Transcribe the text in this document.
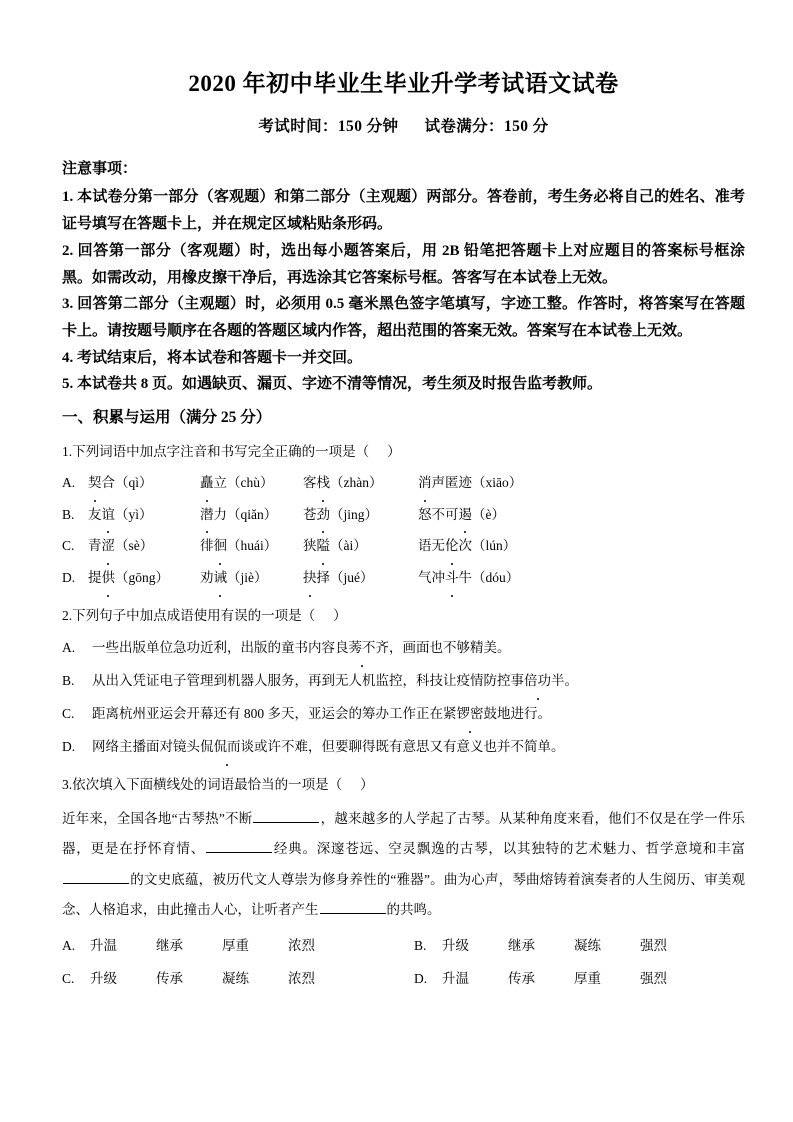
2020 年初中毕业生毕业升学考试语文试卷
考试时间：150 分钟 试卷满分：150 分
注意事项：

1. 本试卷分第一部分（客观题）和第二部分（主观题）两部分。答卷前，考生务必将自己的姓名、准考证号填写在答题卡上，并在规定区域粘贴条形码。

2. 回答第一部分（客观题）时，选出每小题答案后，用 2B 铅笔把答题卡上对应题目的答案标号框涂黑。如需改动，用橡皮擦干净后，再选涂其它答案标号框。答客写在本试卷上无效。

3. 回答第二部分（主观题）时，必须用 0.5 毫米黑色签字笔填写，字迹工整。作答时，将答案写在答题卡上。请按题号顺序在各题的答题区域内作答，超出范围的答案无效。答案写在本试卷上无效。

4. 考试结束后，将本试卷和答题卡一并交回。

5. 本试卷共 8 页。如遇缺页、漏页、字迹不清等情况，考生须及时报告监考教师。

一、积累与运用（满分 25 分）
1.下列词语中加点字注音和书写完全正确的一项是（ ）
A. 契合（qì）	矗立（chù）	客栈（zhàn）	消声匿迹（xiāo）
B.	友谊（yì）	潜力（qiǎn）	苍劲（jing）	怒不可遏（è）
C.	青涩（sè）	徘徊（huái）	狭隘（ài）	语无伦次（lún）
D. 提供（gōng）	劝诫（jiè）	抉择（jué）	气冲斗牛（dóu）
2.下列句子中加点成语使用有误的一项是（ ）
A.	一些出版单位急功近利，出版的童书内容良莠不齐，画面也不够精美。
B.	从出入凭证电子管理到机器人服务，再到无人机监控，科技让疫情防控事倍功半。
C.	距离杭州亚运会开幕还有 800 多天，亚运会的筹办工作正在紧锣密鼓地进行。
D.	网络主播面对镜头侃侃而谈或许不难，但要聊得既有意思又有意义也并不简单。
3.依次填入下面横线处的词语最恰当的一项是（ ）
近年来，全国各地“古琴热”不断	，越来越多的人学起了古琴。从某种角度来看，他们不仅是在学一件乐器，更是在抒怀育情、	经典。深邃苍远、空灵飘逸的古琴，以其独特的艺术魅力、哲学意境和丰富的文史底蕴，被历代文人尊崇为修身养性的“雅器”。曲为心声，琴曲熔铸着演奏者的人生阅历、审美观念、人格追求，由此撞击人心，让听者产生	的共鸣。
A.	升温	继承	厚重	浓烈	B.	升级	继承	凝练	强烈
C.	升级	传承	凝练	浓烈	D.	升温	传承	厚重	强烈
